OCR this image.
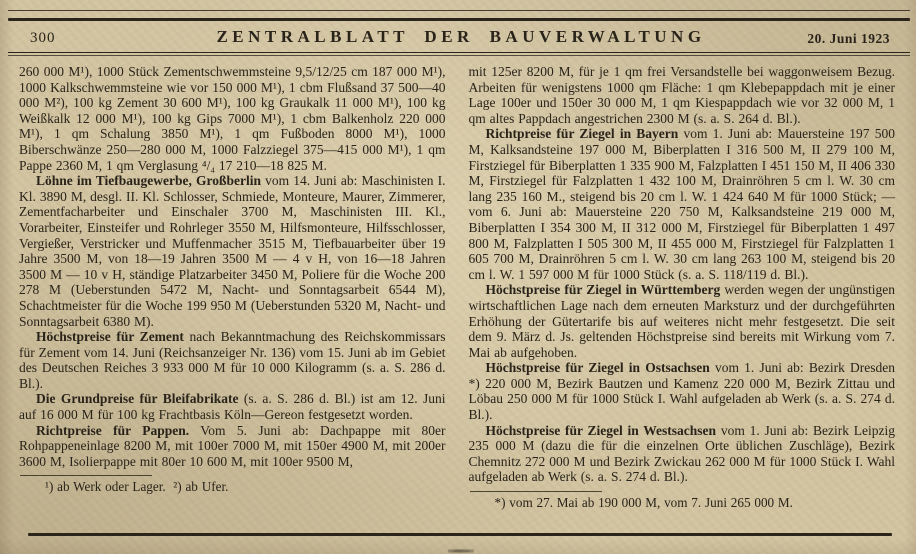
300	ZENTRALBLATT DER BAUVERWALTUNG	20. Juni 1923

260 000 M¹), 1000 Stück Zementschwemmsteine 9,5/12/25 cm 187 000 M¹), 1000 Kalkschwemmsteine wie vor 150 000 M¹), 1 cbm Flußsand 37 500—40 000 M²), 100 kg Zement 30 600 M¹), 100 kg Graukalk 11 000 M¹), 100 kg Weißkalk 12 000 M¹), 100 kg Gips 7000 M¹), 1 cbm Balkenholz 220 000 M¹), 1 qm Schalung 3850 M¹), 1 qm Fußboden 8000 M¹), 1000 Biberschwänze 250—280 000 M, 1000 Falzziegel 375—415 000 M¹), 1 qm Pappe 2360 M, 1 qm Verglasung ⁴/₄ 17 210—18 825 M.

Löhne im Tiefbaugewerbe, Großberlin vom 14. Juni ab: Maschinisten I. Kl. 3890 M, desgl. II. Kl. Schlosser, Schmiede, Monteure, Maurer, Zimmerer, Zementfacharbeiter und Einschaler 3700 M, Maschinisten III. Kl., Vorarbeiter, Einsteifer und Rohrleger 3550 M, Hilfsmonteure, Hilfsschlosser, Vergießer, Verstricker und Muffenmacher 3515 M, Tiefbauarbeiter über 19 Jahre 3500 M, von 18—19 Jahren 3500 M — 4 v H, von 16—18 Jahren 3500 M — 10 v H, ständige Platzarbeiter 3450 M, Poliere für die Woche 200 278 M (Ueberstunden 5472 M, Nacht- und Sonntagsarbeit 6544 M), Schachtmeister für die Woche 199 950 M (Ueberstunden 5320 M, Nacht- und Sonntagsarbeit 6380 M).

Höchstpreise für Zement nach Bekanntmachung des Reichskommissars für Zement vom 14. Juni (Reichsanzeiger Nr. 136) vom 15. Juni ab im Gebiet des Deutschen Reiches 3 933 000 M für 10 000 Kilogramm (s. a. S. 286 d. Bl.).

Die Grundpreise für Bleifabrikate (s. a. S. 286 d. Bl.) ist am 12. Juni auf 16 000 M für 100 kg Frachtbasis Köln—Gereon festgesetzt worden.

Richtpreise für Pappen. Vom 5. Juni ab: Dachpappe mit 80er Rohpappeneinlage 8200 M, mit 100er 7000 M, mit 150er 4900 M, mit 200er 3600 M, Isolierpappe mit 80er 10 600 M, mit 100er 9500 M,

¹) ab Werk oder Lager.  ²) ab Ufer.

mit 125er 8200 M, für je 1 qm frei Versandstelle bei waggonweisem Bezug. Arbeiten für wenigstens 1000 qm Fläche: 1 qm Klebepappdach mit je einer Lage 100er und 150er 30 000 M, 1 qm Kiespappdach wie vor 32 000 M, 1 qm altes Pappdach angestrichen 2300 M (s. a. S. 264 d. Bl.).

Richtpreise für Ziegel in Bayern vom 1. Juni ab: Mauersteine 197 500 M, Kalksandsteine 197 000 M, Biberplatten I 316 500 M, II 279 100 M, Firstziegel für Biberplatten 1 335 900 M, Falzplatten I 451 150 M, II 406 330 M, Firstziegel für Falzplatten 1 432 100 M, Drainröhren 5 cm l. W. 30 cm lang 235 160 M., steigend bis 20 cm l. W. 1 424 640 M für 1000 Stück; — vom 6. Juni ab: Mauersteine 220 750 M, Kalksandsteine 219 000 M, Biberplatten I 354 300 M, II 312 000 M, Firstziegel für Biberplatten 1 497 800 M, Falzplatten I 505 300 M, II 455 000 M, Firstziegel für Falzplatten 1 605 700 M, Drainröhren 5 cm l. W. 30 cm lang 263 100 M, steigend bis 20 cm l. W. 1 597 000 M für 1000 Stück (s. a. S. 118/119 d. Bl.).

Höchstpreise für Ziegel in Württemberg werden wegen der ungünstigen wirtschaftlichen Lage nach dem erneuten Marksturz und der durchgeführten Erhöhung der Gütertarife bis auf weiteres nicht mehr festgesetzt. Die seit dem 9. März d. Js. geltenden Höchstpreise sind bereits mit Wirkung vom 7. Mai ab aufgehoben.

Höchstpreise für Ziegel in Ostsachsen vom 1. Juni ab: Bezirk Dresden *) 220 000 M, Bezirk Bautzen und Kamenz 220 000 M, Bezirk Zittau und Löbau 250 000 M für 1000 Stück I. Wahl aufgeladen ab Werk (s. a. S. 274 d. Bl.).

Höchstpreise für Ziegel in Westsachsen vom 1. Juni ab: Bezirk Leipzig 235 000 M (dazu die für die einzelnen Orte üblichen Zuschläge), Bezirk Chemnitz 272 000 M und Bezirk Zwickau 262 000 M für 1000 Stück I. Wahl aufgeladen ab Werk (s. a. S. 274 d. Bl.).

*) vom 27. Mai ab 190 000 M, vom 7. Juni 265 000 M.
